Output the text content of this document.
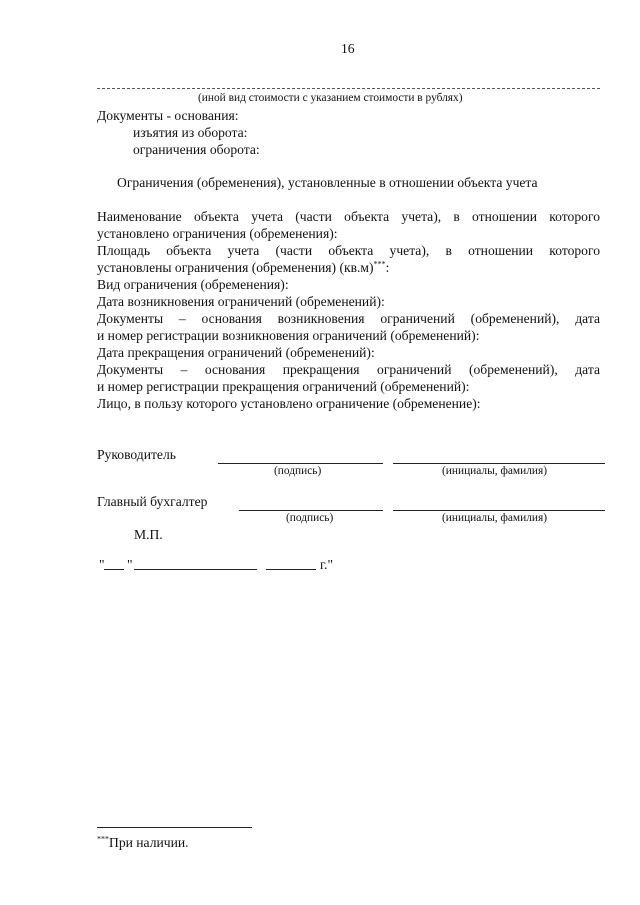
16
(иной вид стоимости с указанием стоимости в рублях)
Документы - основания:
изъятия из оборота:
ограничения оборота:
Ограничения (обременения), установленные в отношении объекта учета
Наименование объекта учета (части объекта учета), в отношении которого
установлено ограничения (обременения):
Площадь объекта учета (части объекта учета), в отношении которого
установлены ограничения (обременения) (кв.м)***:
Вид ограничения (обременения):
Дата возникновения ограничений (обременений):
Документы – основания возникновения ограничений (обременений), дата
и номер регистрации возникновения ограничений (обременений):
Дата прекращения ограничений (обременений):
Документы – основания прекращения ограничений (обременений), дата
и номер регистрации прекращения ограничений (обременений):
Лицо, в пользу которого установлено ограничение (обременение):
Руководитель
(подпись)	(инициалы, фамилия)
Главный бухгалтер
(подпись)	(инициалы, фамилия)
М.П.
" "	г."
***При наличии.
